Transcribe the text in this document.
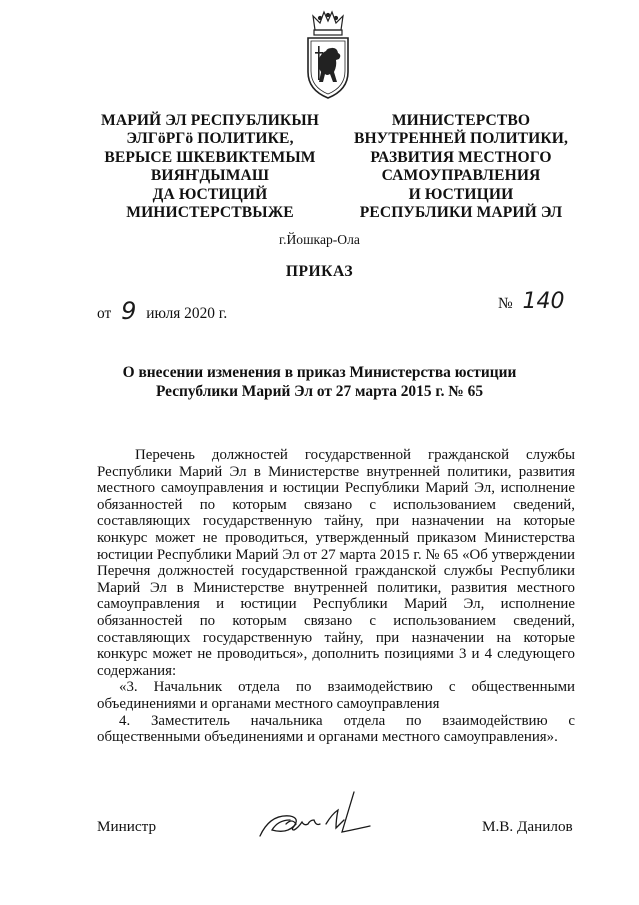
МАРИЙ ЭЛ РЕСПУБЛИКЫН
ЭЛГӧРГӧ ПОЛИТИКЕ,
ВЕРЫСЕ ШКЕВИКТЕМЫМ
ВИЯҤДЫМАШ
ДА ЮСТИЦИЙ
МИНИСТЕРСТВЫЖЕ
МИНИСТЕРСТВО
ВНУТРЕННЕЙ ПОЛИТИКИ,
РАЗВИТИЯ МЕСТНОГО
САМОУПРАВЛЕНИЯ
И ЮСТИЦИИ
РЕСПУБЛИКИ МАРИЙ ЭЛ
г.Йошкар-Ола
ПРИКАЗ
от 9 июля 2020 г.
№ 140
О внесении изменения в приказ Министерства юстиции
Республики Марий Эл от 27 марта 2015 г. № 65

Перечень должностей государственной гражданской службы Республики Марий Эл в Министерстве внутренней политики, развития местного самоуправления и юстиции Республики Марий Эл, исполнение обязанностей по которым связано с использованием сведений, составляющих государственную тайну, при назначении на которые конкурс может не проводиться, утвержденный приказом Министерства юстиции Республики Марий Эл от 27 марта 2015 г. № 65 «Об утверждении Перечня должностей государственной гражданской службы Республики Марий Эл в Министерстве внутренней политики, развития местного самоуправления и юстиции Республики Марий Эл, исполнение обязанностей по которым связано с использованием сведений, составляющих государственную тайну, при назначении на которые конкурс может не проводиться», дополнить позициями 3 и 4 следующего содержания:

«3. Начальник отдела по взаимодействию с общественными объединениями и органами местного самоуправления

4. Заместитель начальника отдела по взаимодействию с общественными объединениями и органами местного самоуправления».

Министр	М.В. Данилов
